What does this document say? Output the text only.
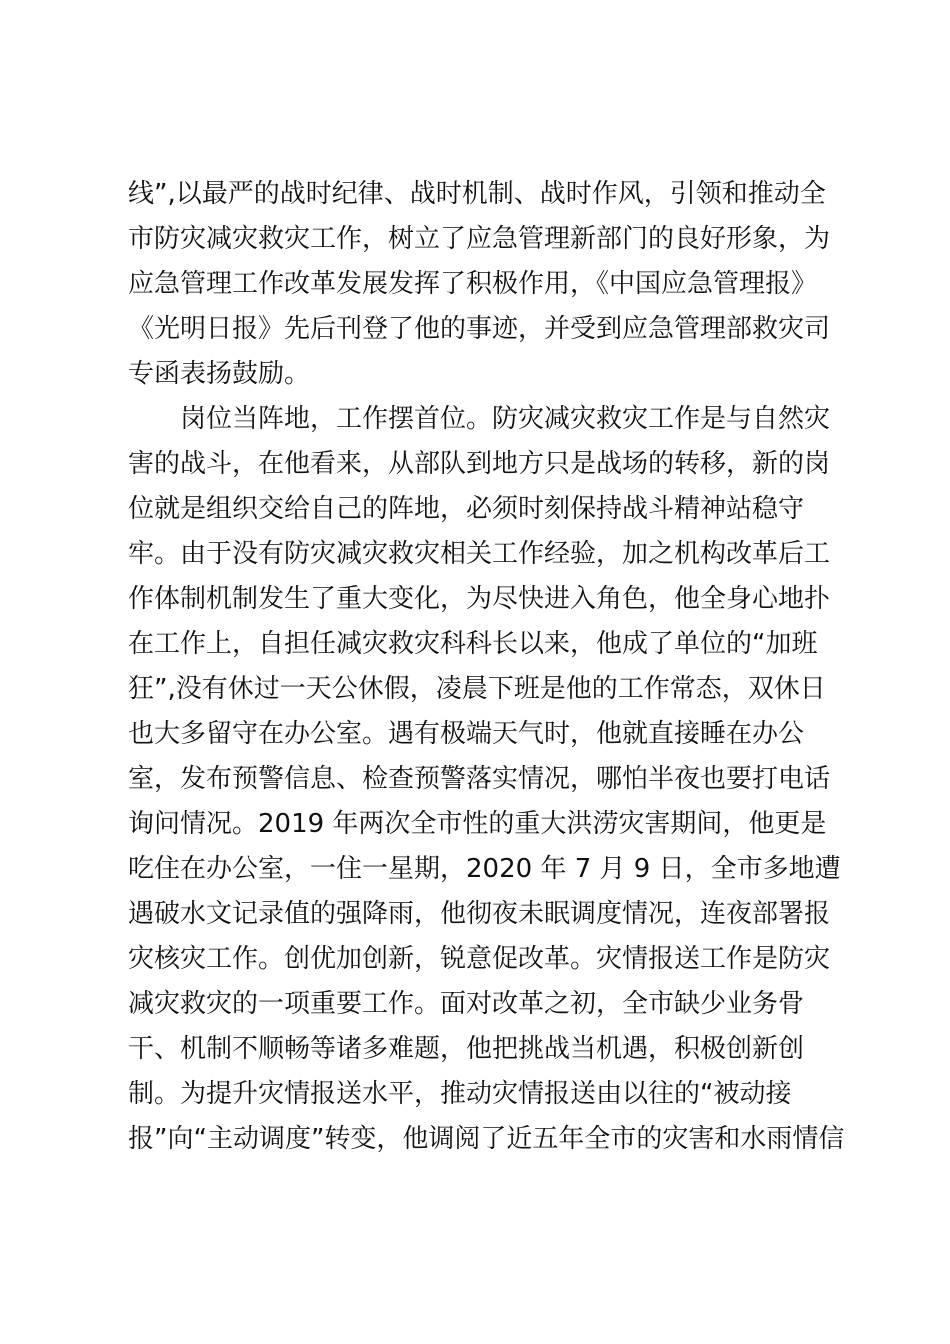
线”,以最严的战时纪律、战时机制、战时作风，引领和推动全
市防灾减灾救灾工作，树立了应急管理新部门的良好形象，为
应急管理工作改革发展发挥了积极作用，《中国应急管理报》
《光明日报》先后刊登了他的事迹，并受到应急管理部救灾司
专函表扬鼓励。
　　岗位当阵地，工作摆首位。防灾减灾救灾工作是与自然灾
害的战斗，在他看来，从部队到地方只是战场的转移，新的岗
位就是组织交给自己的阵地，必须时刻保持战斗精神站稳守
牢。由于没有防灾减灾救灾相关工作经验，加之机构改革后工
作体制机制发生了重大变化，为尽快进入角色，他全身心地扑
在工作上，自担任减灾救灾科科长以来，他成了单位的“加班
狂”,没有休过一天公休假，凌晨下班是他的工作常态，双休日
也大多留守在办公室。遇有极端天气时，他就直接睡在办公
室，发布预警信息、检查预警落实情况，哪怕半夜也要打电话
询问情况。2019 年两次全市性的重大洪涝灾害期间，他更是
吃住在办公室，一住一星期，2020 年 7 月 9 日，全市多地遭
遇破水文记录值的强降雨，他彻夜未眠调度情况，连夜部署报
灾核灾工作。创优加创新，锐意促改革。灾情报送工作是防灾
减灾救灾的一项重要工作。面对改革之初，全市缺少业务骨
干、机制不顺畅等诸多难题，他把挑战当机遇，积极创新创
制。为提升灾情报送水平，推动灾情报送由以往的“被动接
报”向“主动调度”转变，他调阅了近五年全市的灾害和水雨情信
